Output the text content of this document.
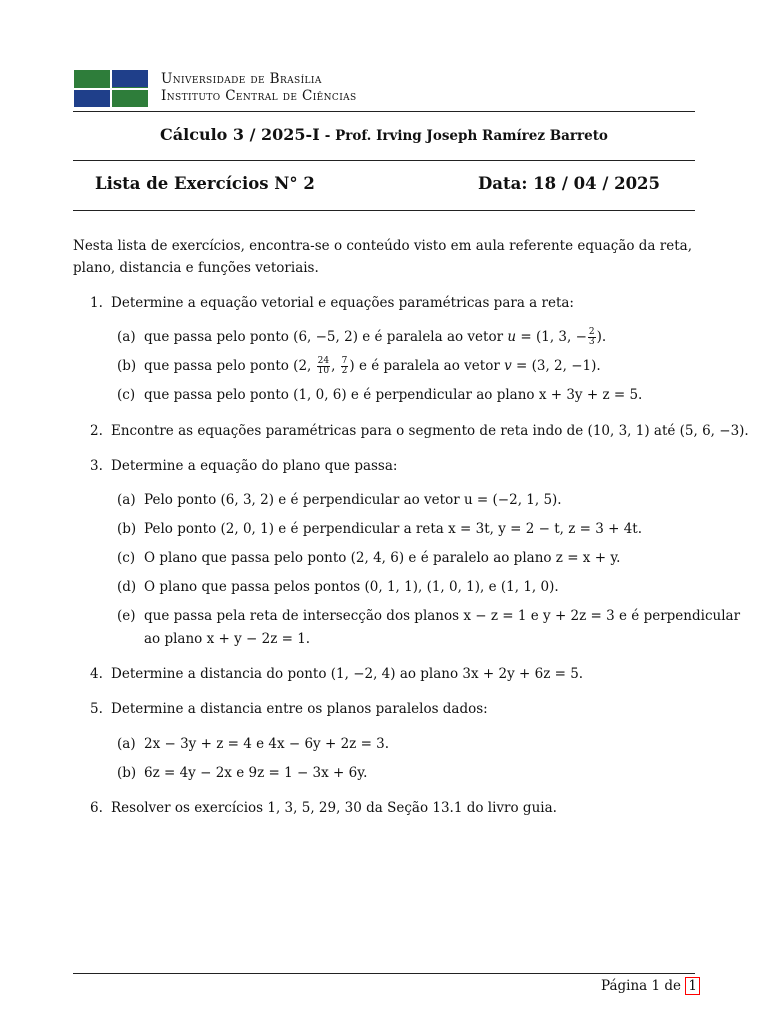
Universidade de Brasília
Instituto Central de Ciências
Cálculo 3 / 2025-I - Prof. Irving Joseph Ramírez Barreto
Lista de Exercícios N° 2	Data: 18 / 04 / 2025
Nesta lista de exercícios, encontra-se o conteúdo visto em aula referente equação da reta, plano, distancia e funções vetoriais.
1. Determine a equação vetorial e equações paramétricas para a reta:
(a) que passa pelo ponto (6, −5, 2) e é paralela ao vetor u = (1, 3, − $\frac{2}{3}$ ).
(b) que passa pelo ponto (2, $\frac{24}{10}$ , $\frac{7}{2}$ ) e é paralela ao vetor v = (3, 2, −1).
(c) que passa pelo ponto (1, 0, 6) e é perpendicular ao plano x + 3y + z = 5.
2. Encontre as equações paramétricas para o segmento de reta indo de (10, 3, 1) até (5, 6, −3).
3. Determine a equação do plano que passa:
(a) Pelo ponto (6, 3, 2) e é perpendicular ao vetor u = (−2, 1, 5).
(b) Pelo ponto (2, 0, 1) e é perpendicular a reta x = 3t, y = 2 − t, z = 3 + 4t.
(c) O plano que passa pelo ponto (2, 4, 6) e é paralelo ao plano z = x + y.
(d) O plano que passa pelos pontos (0, 1, 1), (1, 0, 1), e (1, 1, 0).
(e) que passa pela reta de intersecção dos planos x − z = 1 e y + 2z = 3 e é perpendicular
ao plano x + y − 2z = 1.
4. Determine a distancia do ponto (1, −2, 4) ao plano 3x + 2y + 6z = 5.
5. Determine a distancia entre os planos paralelos dados:
(a) 2x − 3y + z = 4 e 4x − 6y + 2z = 3.
(b) 6z = 4y − 2x e 9z = 1 − 3x + 6y.
6. Resolver os exercícios 1, 3, 5, 29, 30 da Seção 13.1 do livro guia.
Página 1 de 1
